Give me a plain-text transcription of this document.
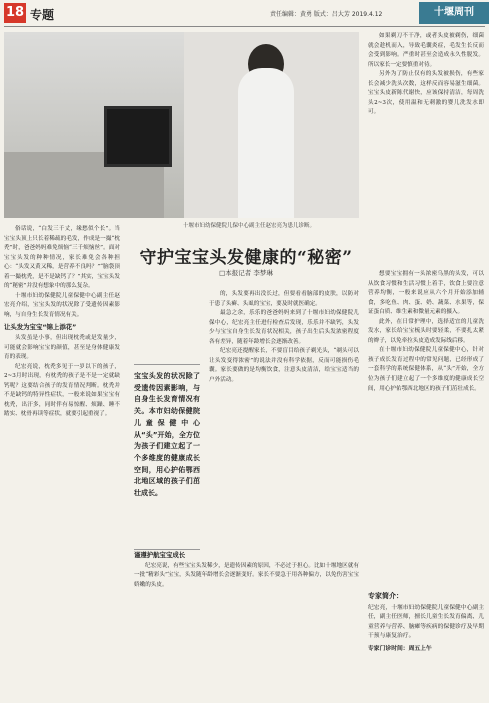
18 专题	责任编辑：黄勇 版式：吕大芳 2019.4.12	十堰周刊
十堰市妇幼保健院儿保中心副主任赵宏亮为患儿诊断。

如果剃刀不干净，或者头皮被剃伤，细菌就会趁机而入，导致毛囊炎症，毛发生长反而会受到影响。严重时甚至会造成永久性脱发。所以家长一定要慎重对待。

另外为了防止仅有的头发被损伤，有些家长会减少洗头次数，这样反而容易滋生细菌。宝宝头皮新陈代谢快，应该保持清洁，每周洗头2~3次，使用温和无刺激的婴儿洗发水即可。

俗话说，“白发三千丈，缘愁似个长”。当宝宝头顶上只长着稀疏的毛发，作成是一撮“枕秃”时，爸爸妈妈难免烦恼“三千烦恼丝”。面对宝宝头发的种种情况，家长难免会各种担心：“头发又黄又稀，是营养不良吗？”“脑袋顶着一撮枕秃，是不是缺钙了？”其实，宝宝头发的“秘密”并没有想象中的那么复杂。

十堰市妇幼保健院儿童保健中心副主任赵宏亮介绍，宝宝头发的状况除了受遗传因素影响，与自身生长发育情况有关。

让头发为宝宝“锦上添花”

头发虽是小事，但出现枕秃或是发量少，可能就会影响宝宝的颜值，甚至是身体健康发育的表现。

纪宏亮说，枕秃多见于一岁以下的孩子，2~3月时出现，有枕秃的孩子是不是一定就缺钙呢？这要结合孩子的发育情况判断。枕秃并不是缺钙的特异性症状，一般来说如果宝宝有枕秃，出汗多，同时伴有易惊醒、烦躁、睡不踏实、枕骨再读等症状，就要引起重视了。

守护宝宝头发健康的“秘密”
□本报记者 李梦琳
宝宝头发的状况除了受遗传因素影响，与自身生长发育情况有关。本市妇幼保健院儿童保健中心从“头”开始，全方位为孩子们建立起了一个多维度的健康成长空间，用心护佑鄂西北地区域的孩子们茁壮成长。

的，头发要再出没长过，但要看看脑部的皮肤，以防对于患了头癣、头虱的宝宝，要及时就医确定。

最急之余，乐乐的爸爸妈妈来到了十堰市妇幼保健院儿保中心，纪宏亮主任进行检查后发现，乐乐并不缺钙，头发少与宝宝自身生长发育状况相关，孩子出生后头发浓密程度各有差异，随着年龄增长会逐渐改善。

纪宏亮还提醒家长，不要盲目给孩子剃光头，“剃头可以让头发变得浓密”的说法并没有科学依据，反而可能损伤毛囊。家长要做的是均衡饮食，注意头皮清洁，给宝宝适当的户外活动。

谨遵护航宝宝成长

纪宏亮说，有些宝宝头发稀少，是遗传因素的原因，不必过于担心。比如十堰地区就有一批“精彩头”宝宝，头发随年龄增长会逐渐变好。家长不要急于用各种偏方，以免伤害宝宝娇嫩的头皮。

想要宝宝拥有一头浓密乌黑的头发，可以从饮食习惯和生活习惯上着手，饮食上要注意营养均衡，一般来说应从六个月开始添加辅食，多吃鱼、肉、蛋、奶、蔬菜、水果等，保证蛋白质、维生素和微量元素的摄入。

此外，在日常护理中，选择适宜的儿童洗发水，家长给宝宝梳头时要轻柔，不要扎太紧的辫子，以免牵拉头皮造成发际线后移。

在十堰市妇幼保健院儿童保健中心，针对孩子成长发育过程中的常见问题，已经形成了一套科学的系统保健体系，从“头”开始，全方位为孩子们建立起了一个多维度的健康成长空间，用心护佑鄂西北地区的孩子们茁壮成长。

专家简介：
纪宏亮，十堰市妇幼保健院儿童保健中心副主任，副主任医师，擅长儿童生长发育偏离、儿童营养与营养、脑瘫等疾病的保健诊疗及早期干预与康复治疗。
专家门诊时间：周五上午
